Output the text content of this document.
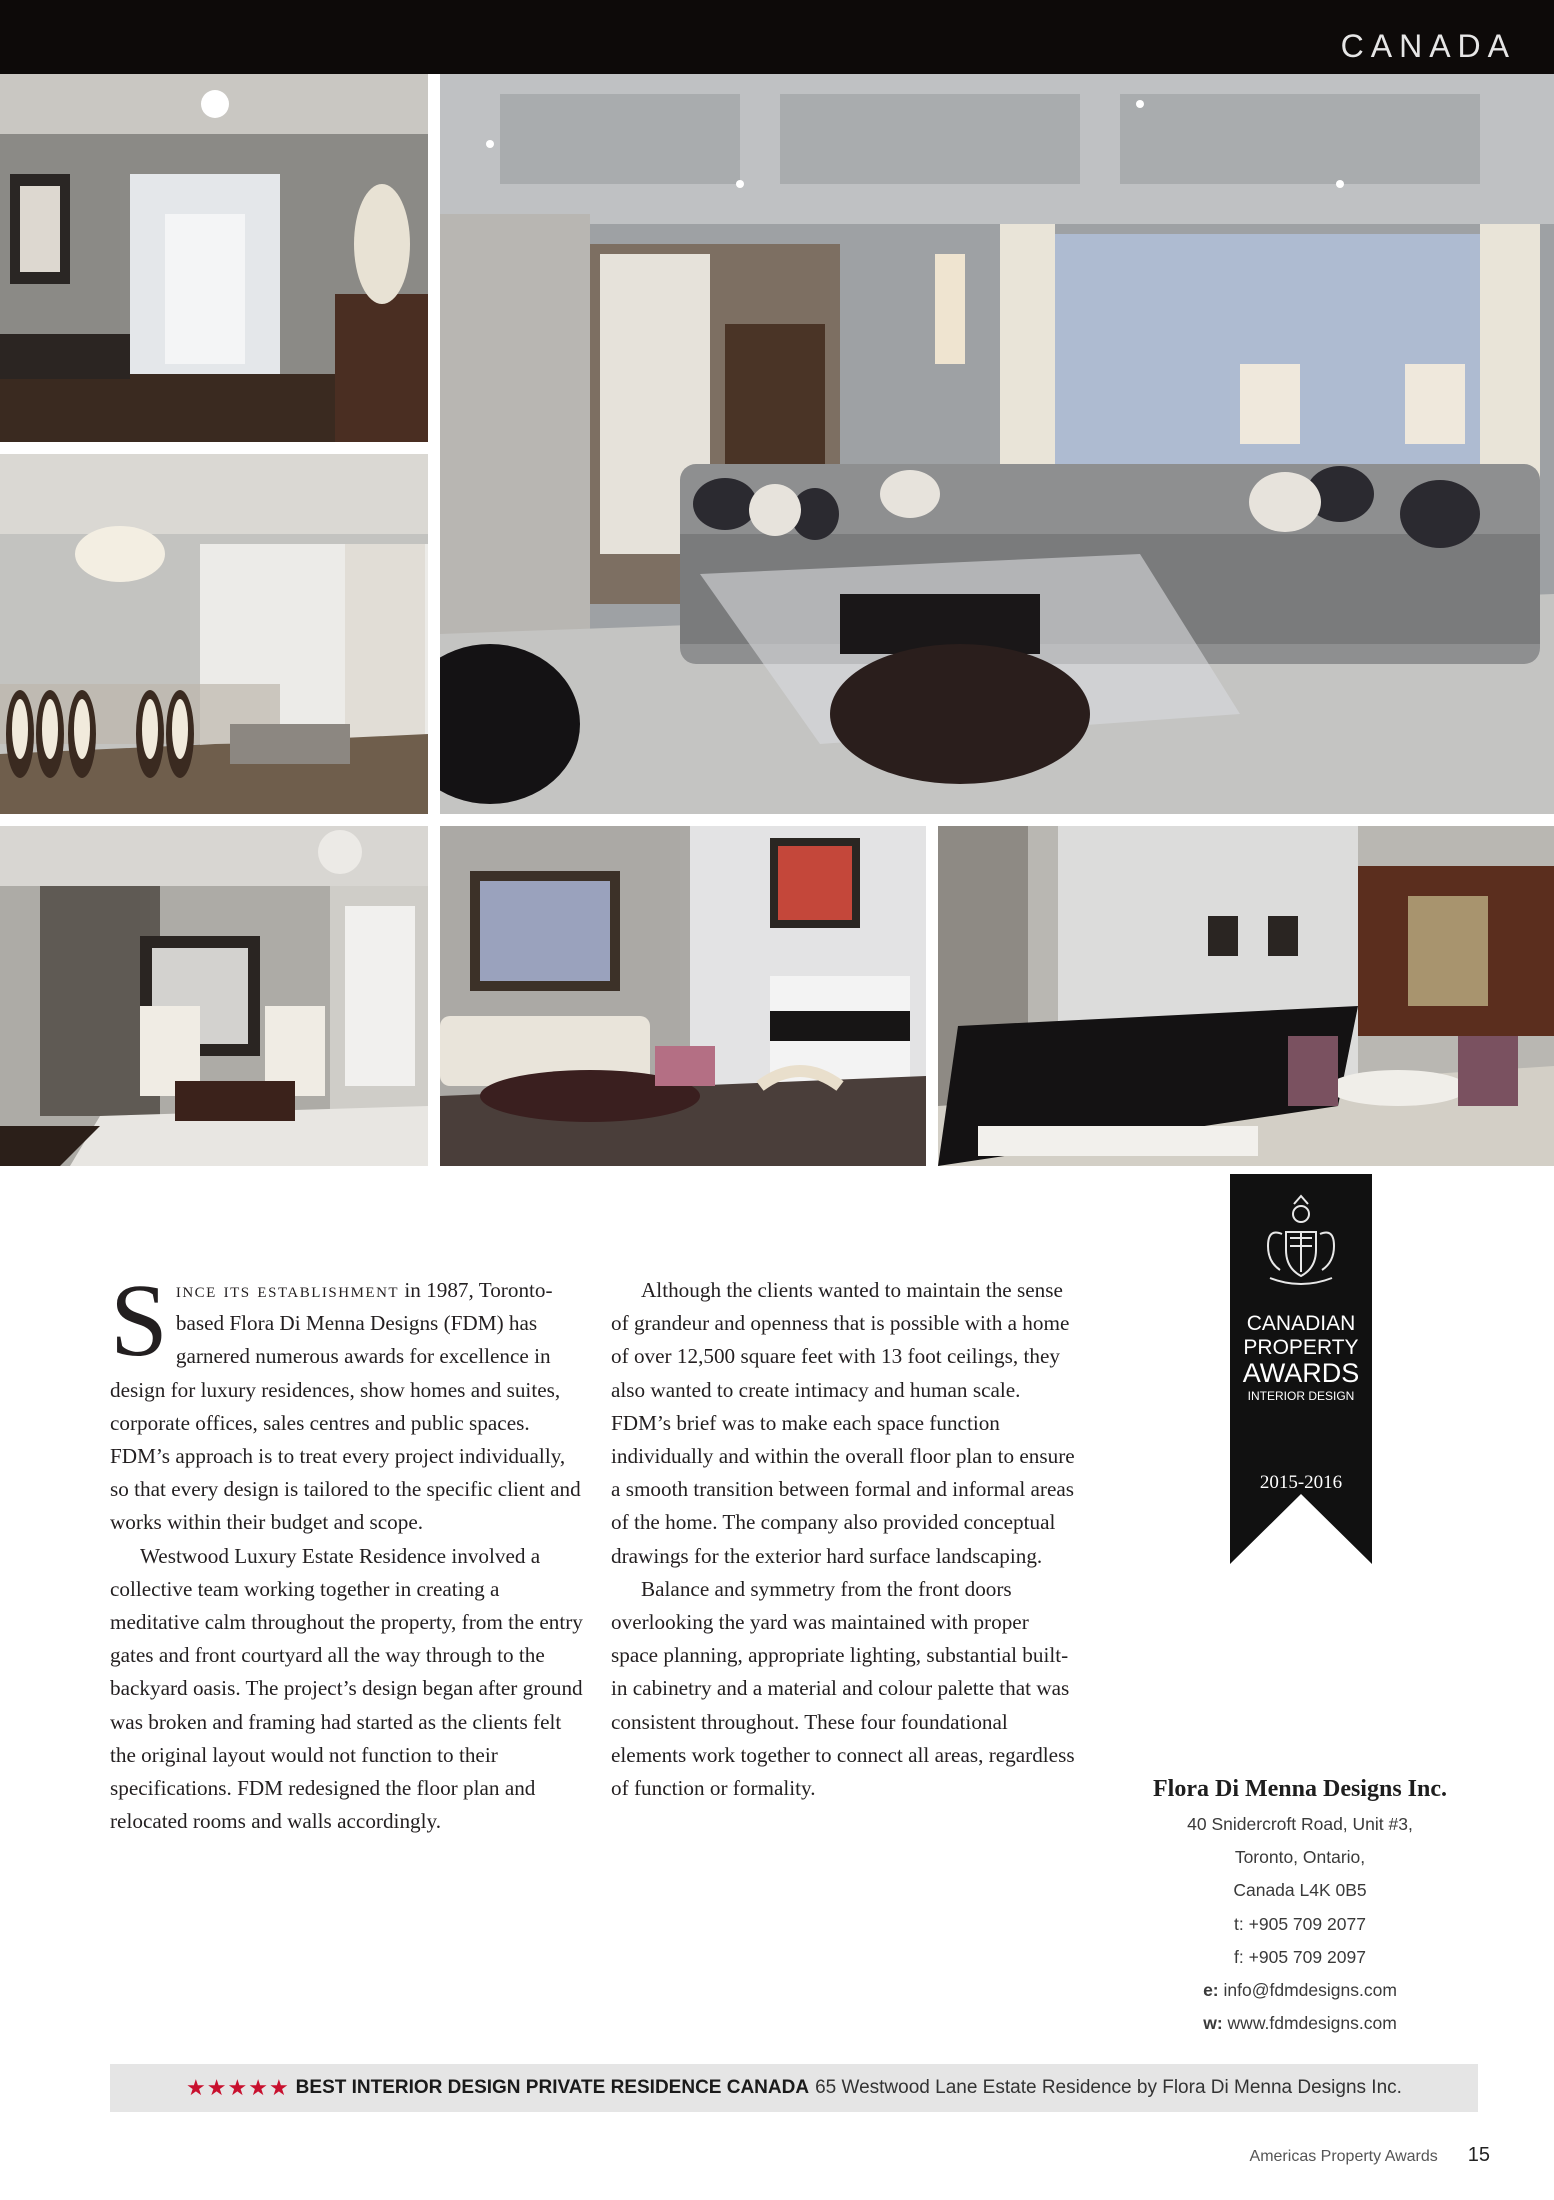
CANADA

Since its establishment in 1987, Toronto-based Flora Di Menna Designs (FDM) has garnered numerous awards for excellence in design for luxury residences, show homes and suites, corporate offices, sales centres and public spaces. FDM’s approach is to treat every project individually, so that every design is tailored to the specific client and works within their budget and scope.

Westwood Luxury Estate Residence involved a collective team working together in creating a meditative calm throughout the property, from the entry gates and front courtyard all the way through to the backyard oasis. The project’s design began after ground was broken and framing had started as the clients felt the original layout would not function to their specifications. FDM redesigned the floor plan and relocated rooms and walls accordingly.

Although the clients wanted to maintain the sense of grandeur and openness that is possible with a home of over 12,500 square feet with 13 foot ceilings, they also wanted to create intimacy and human scale. FDM’s brief was to make each space function individually and within the overall floor plan to ensure a smooth transition between formal and informal areas of the home. The company also provided conceptual drawings for the exterior hard surface landscaping.

Balance and symmetry from the front doors overlooking the yard was maintained with proper space planning, appropriate lighting, substantial built-in cabinetry and a material and colour palette that was consistent throughout. These four foundational elements work together to connect all areas, regardless of function or formality.

CANADIAN
PROPERTY
AWARDS
INTERIOR DESIGN
2015-2016
Flora Di Menna Designs Inc.
40 Snidercroft Road, Unit #3,
Toronto, Ontario,
Canada L4K 0B5
t: +905 709 2077
f: +905 709 2097
e: info@fdmdesigns.com
w: www.fdmdesigns.com
★★★★★ BEST INTERIOR DESIGN PRIVATE RESIDENCE CANADA 65 Westwood Lane Estate Residence by Flora Di Menna Designs Inc.
Americas Property Awards 15
